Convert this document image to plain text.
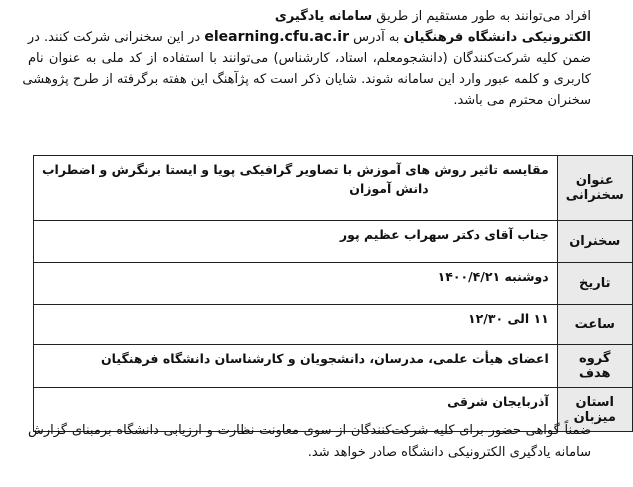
افراد می‌توانند به طور مستقیم از طریق سامانه یادگیری
الکترونیکی دانشگاه فرهنگیان به آدرس elearning.cfu.ac.ir در این سخنرانی شرکت کنند. در
ضمن کلیه شرکت‌کنندگان (دانشجومعلم، استاد، کارشناس) می‌توانند با استفاده از کد ملی به عنوان نام
کاربری و کلمه عبور وارد این سامانه شوند. شایان ذکر است که پژآهنگ این هفته برگرفته از طرح پژوهشی
سخنران محترم می باشد.
عنوان سخنرانی	مقایسه تاثیر روش های آموزش با تصاویر گرافیکی پویا و ایستا برنگرش و اضطراب
دانش آموزان

سخنران	جناب آقای دکتر سهراب عظیم پور
تاریخ	دوشنبه ۱۴۰۰/۴/۲۱
ساعت	۱۱ الی ۱۲/۳۰
گروه هدف	اعضای هیأت علمی، مدرسان، دانشجویان و کارشناسان دانشگاه فرهنگیان
استان میزبان	آذربایجان شرقی
ضمناً گواهی حضور برای کلیه شرکت‌کنندگان از سوی معاونت نظارت و ارزیابی دانشگاه برمبنای گزارش
سامانه یادگیری الکترونیکی دانشگاه صادر خواهد شد.
